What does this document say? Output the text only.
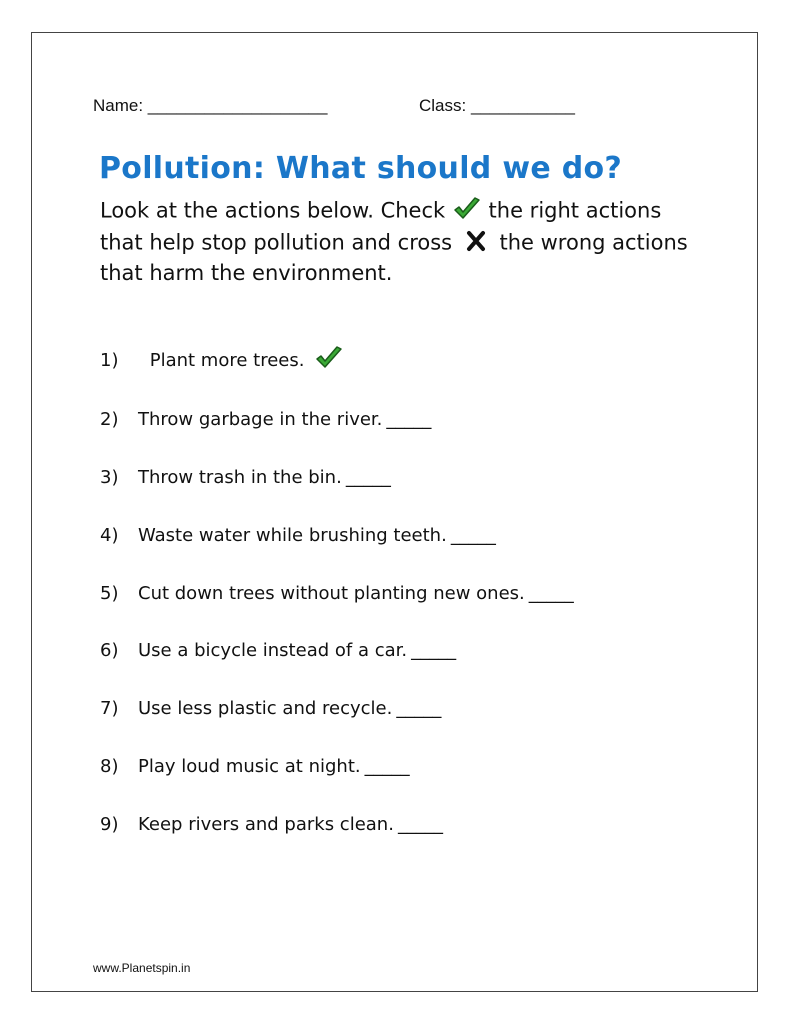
Name: ___________________	Class: ___________
Pollution: What should we do?
Look at the actions below. Check the right actions
that help stop pollution and cross the wrong actions
that harm the environment.
1) Plant more trees.
2) Throw garbage in the river. _____
3) Throw trash in the bin. _____
4) Waste water while brushing teeth. _____
5) Cut down trees without planting new ones. _____
6) Use a bicycle instead of a car. _____
7) Use less plastic and recycle. _____
8) Play loud music at night. _____
9) Keep rivers and parks clean. _____
www.Planetspin.in
